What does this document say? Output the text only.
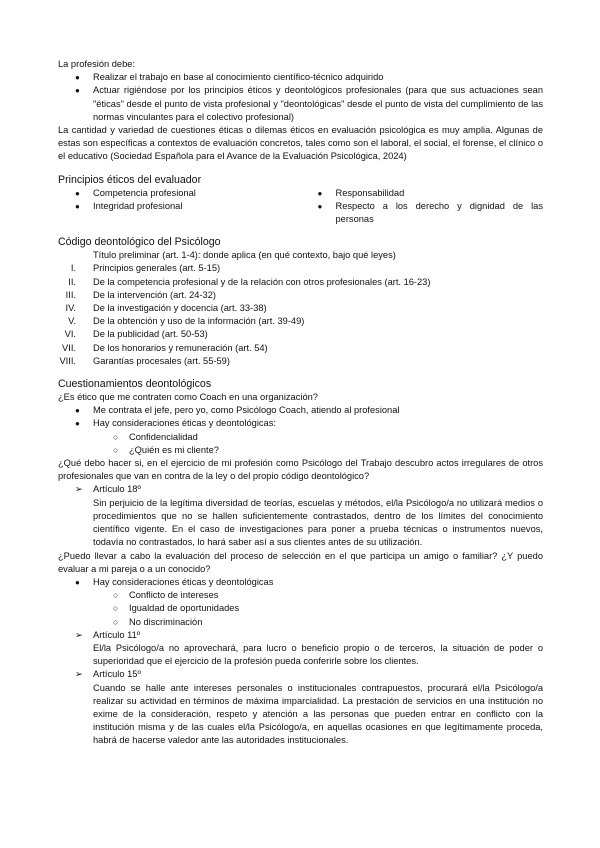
La profesión debe:

● Realizar el trabajo en base al conocimiento científico-técnico adquirido
● Actuar rigiéndose por los principios éticos y deontológicos profesionales (para que sus actuaciones sean "éticas" desde el punto de vista profesional y "deontológicas" desde el punto de vista del cumplimiento de las normas vinculantes para el colectivo profesional)

La cantidad y variedad de cuestiones éticas o dilemas éticos en evaluación psicológica es muy amplia. Algunas de estas son específicas a contextos de evaluación concretos, tales como son el laboral, el social, el forense, el clínico o el educativo (Sociedad Española para el Avance de la Evaluación Psicológica, 2024)

Principios éticos del evaluador

● Competencia profesional
● Integridad profesional
● Responsabilidad
● Respecto a los derecho y dignidad de las personas

Código deontológico del Psicólogo

Título preliminar (art. 1-4): donde aplica (en qué contexto, bajo qué leyes)

I. Principios generales (art. 5-15)
II. De la competencia profesional y de la relación con otros profesionales (art. 16-23)
III. De la intervención (art. 24-32)
IV. De la investigación y docencia (art. 33-38)
V. De la obtención y uso de la información (art. 39-49)
VI. De la publicidad (art. 50-53)
VII. De los honorarios y remuneración (art. 54)
VIII. Garantías procesales (art. 55-59)

Cuestionamientos deontológicos

¿Es ético que me contraten como Coach en una organización?

● Me contrata el jefe, pero yo, como Psicólogo Coach, atiendo al profesional
● Hay consideraciones éticas y deontológicas:
○ Confidencialidad
○ ¿Quién es mi cliente?

¿Qué debo hacer si, en el ejercicio de mi profesión como Psicólogo del Trabajo descubro actos irregulares de otros profesionales que van en contra de la ley o del propio código deontológico?

➢ Artículo 18º

Sin perjuicio de la legítima diversidad de teorías, escuelas y métodos, el/la Psicólogo/a no utilizará medios o procedimientos que no se hallen suficientemente contrastados, dentro de los límites del conocimiento científico vigente. En el caso de investigaciones para poner a prueba técnicas o instrumentos nuevos, todavía no contrastados, lo hará saber así a sus clientes antes de su utilización.

¿Puedo llevar a cabo la evaluación del proceso de selección en el que participa un amigo o familiar? ¿Y puedo evaluar a mi pareja o a un conocido?

● Hay consideraciones éticas y deontológicas
○ Conflicto de intereses
○ Igualdad de oportunidades
○ No discriminación
➢ Artículo 11º

El/la Psicólogo/a no aprovechará, para lucro o beneficio propio o de terceros, la situación de poder o superioridad que el ejercicio de la profesión pueda conferirle sobre los clientes.

➢ Artículo 15º

Cuando se halle ante intereses personales o institucionales contrapuestos, procurará el/la Psicólogo/a realizar su actividad en términos de máxima imparcialidad. La prestación de servicios en una institución no exime de la consideración, respeto y atención a las personas que pueden entrar en conflicto con la institución misma y de las cuales el/la Psicólogo/a, en aquellas ocasiones en que legítimamente proceda, habrá de hacerse valedor ante las autoridades institucionales.
